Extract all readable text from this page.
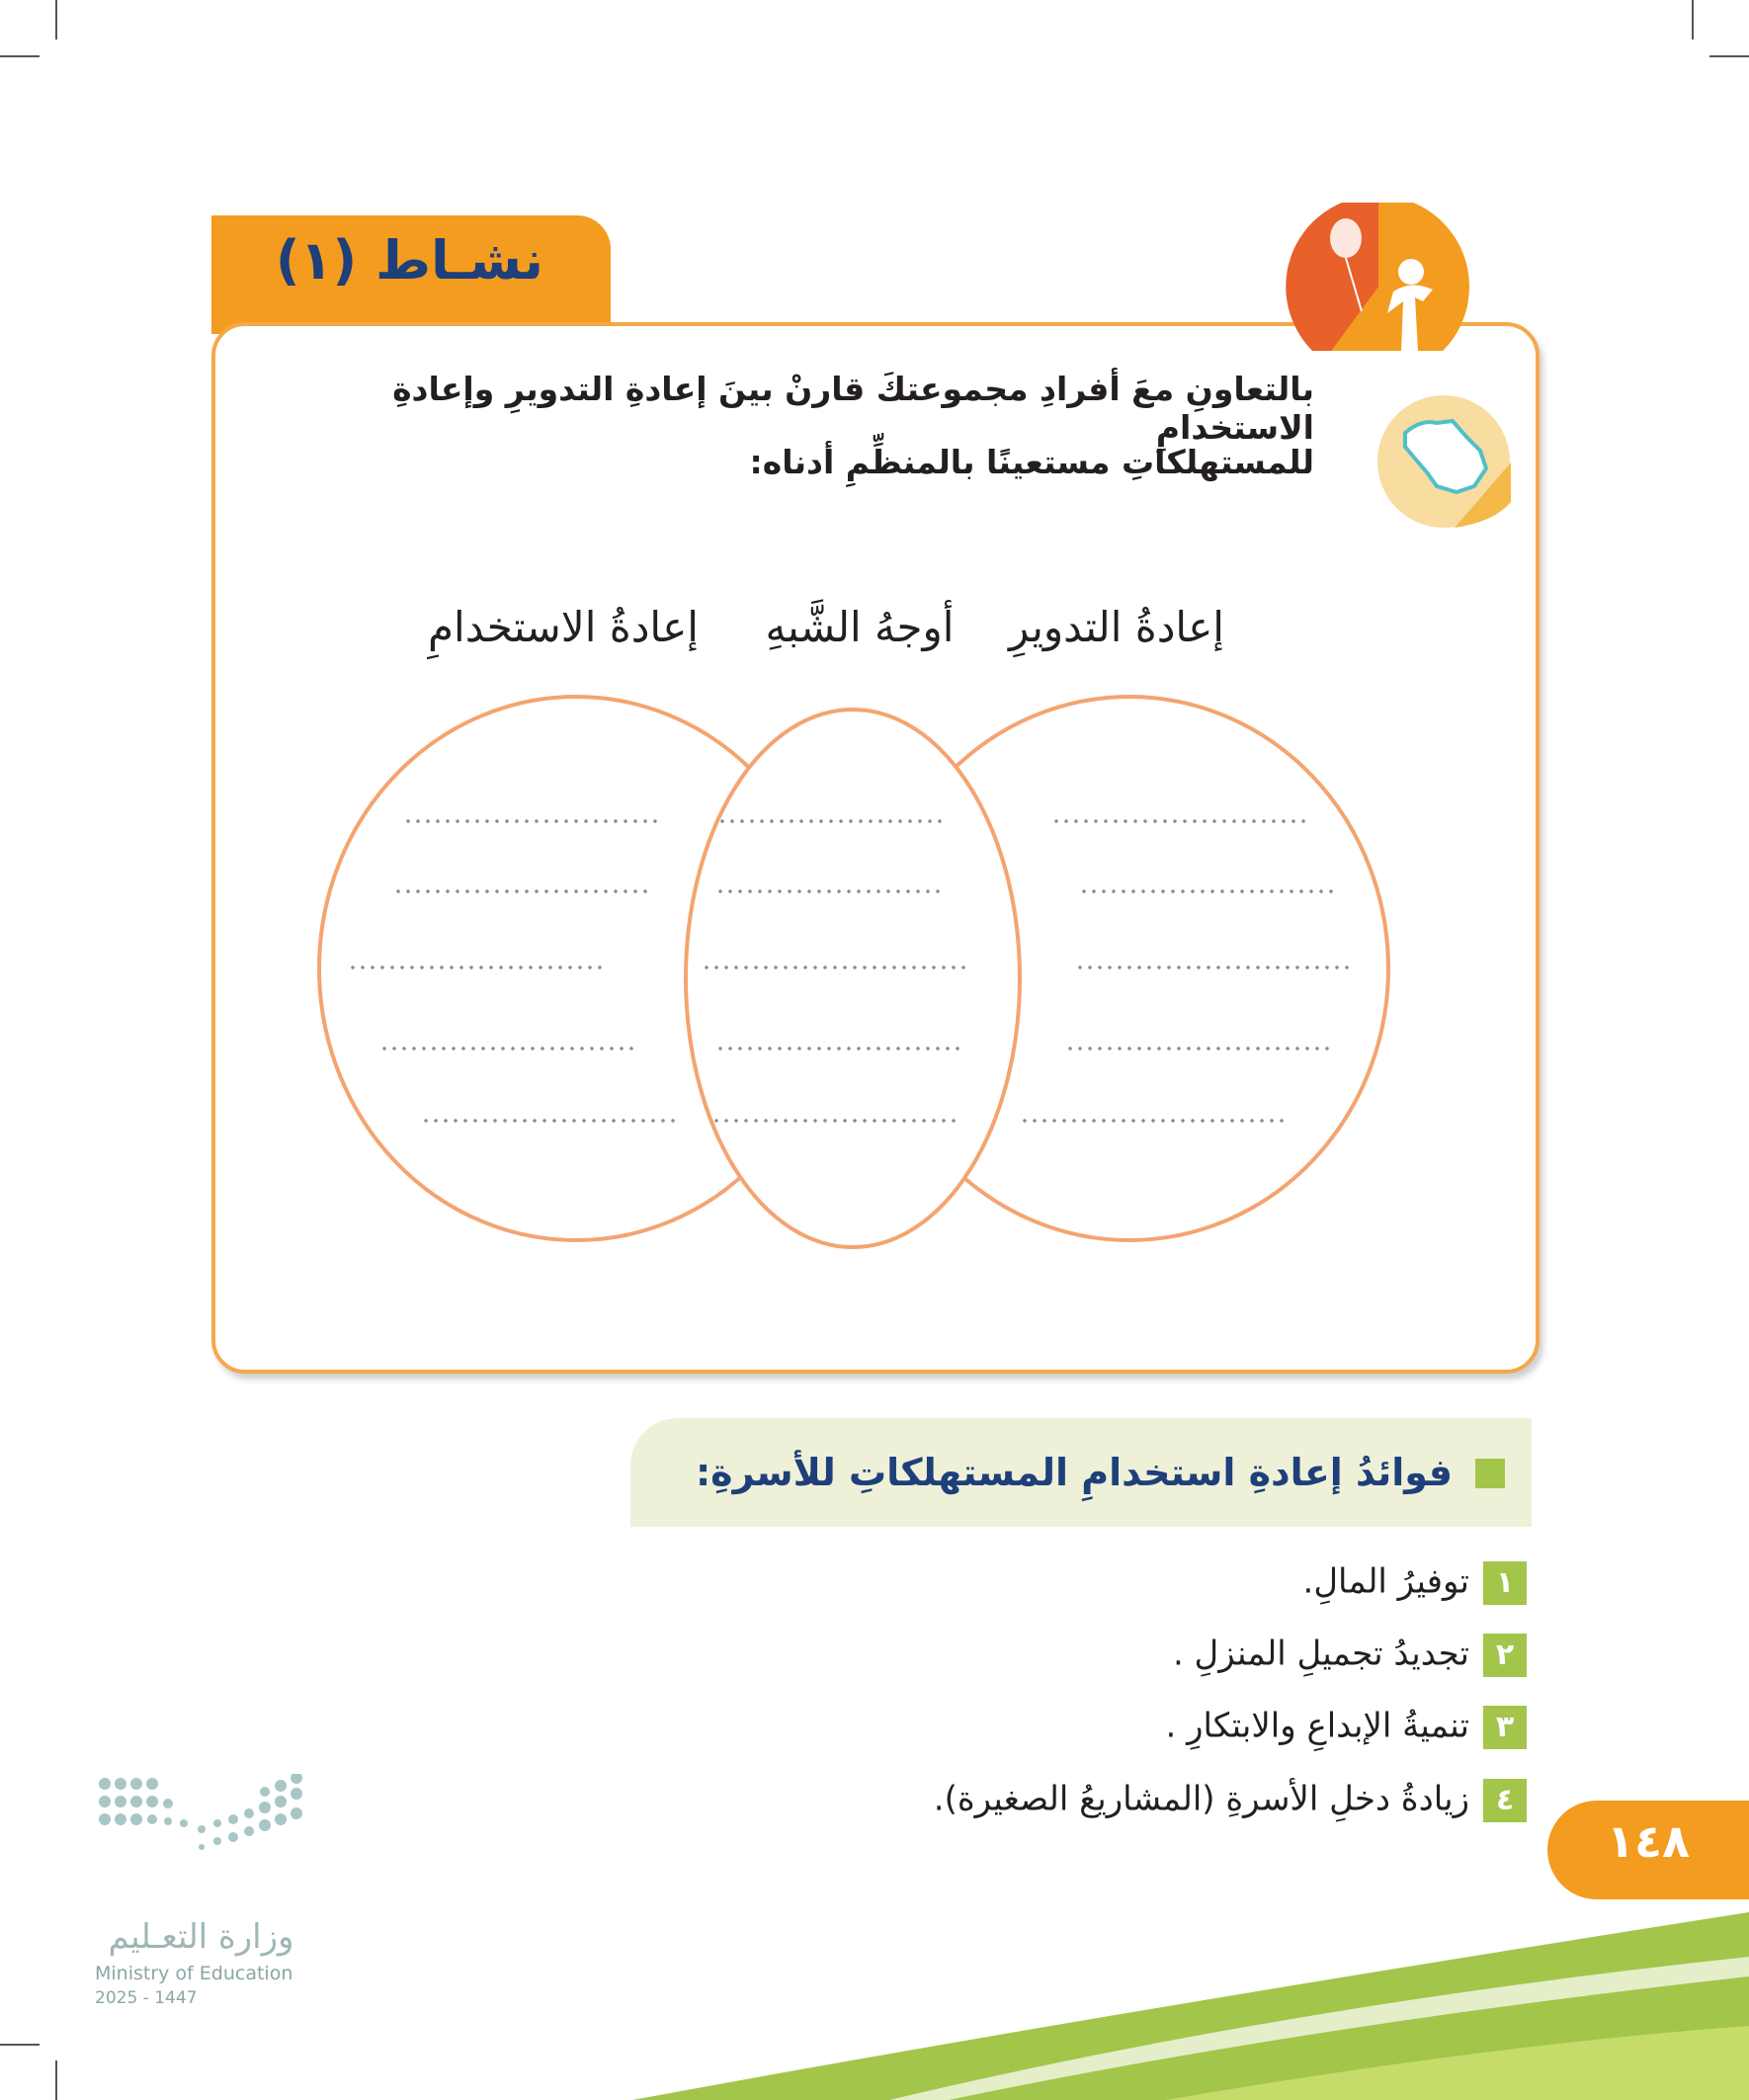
نشـاط (١)
بالتعاونِ معَ أفرادِ مجموعتكَ قارنْ بينَ إعادةِ التدويرِ وإعادةِ الاستخدامِ
للمستهلكاتِ مستعينًا بالمنظِّمِ أدناه:
إعادةُ التدويرِ
أوجهُ الشَّبهِ
إعادةُ الاستخدامِ
فوائدُ إعادةِ استخدامِ المستهلكاتِ للأسرةِ:
١توفيرُ المالِ.
٢تجديدُ تجميلِ المنزلِ .
٣تنميةُ الإبداعِ والابتكارِ .
٤زيادةُ دخلِ الأسرةِ (المشاريعُ الصغيرة).
١٤٨
وزارة التعـليم
Ministry of Education
2025 - 1447
